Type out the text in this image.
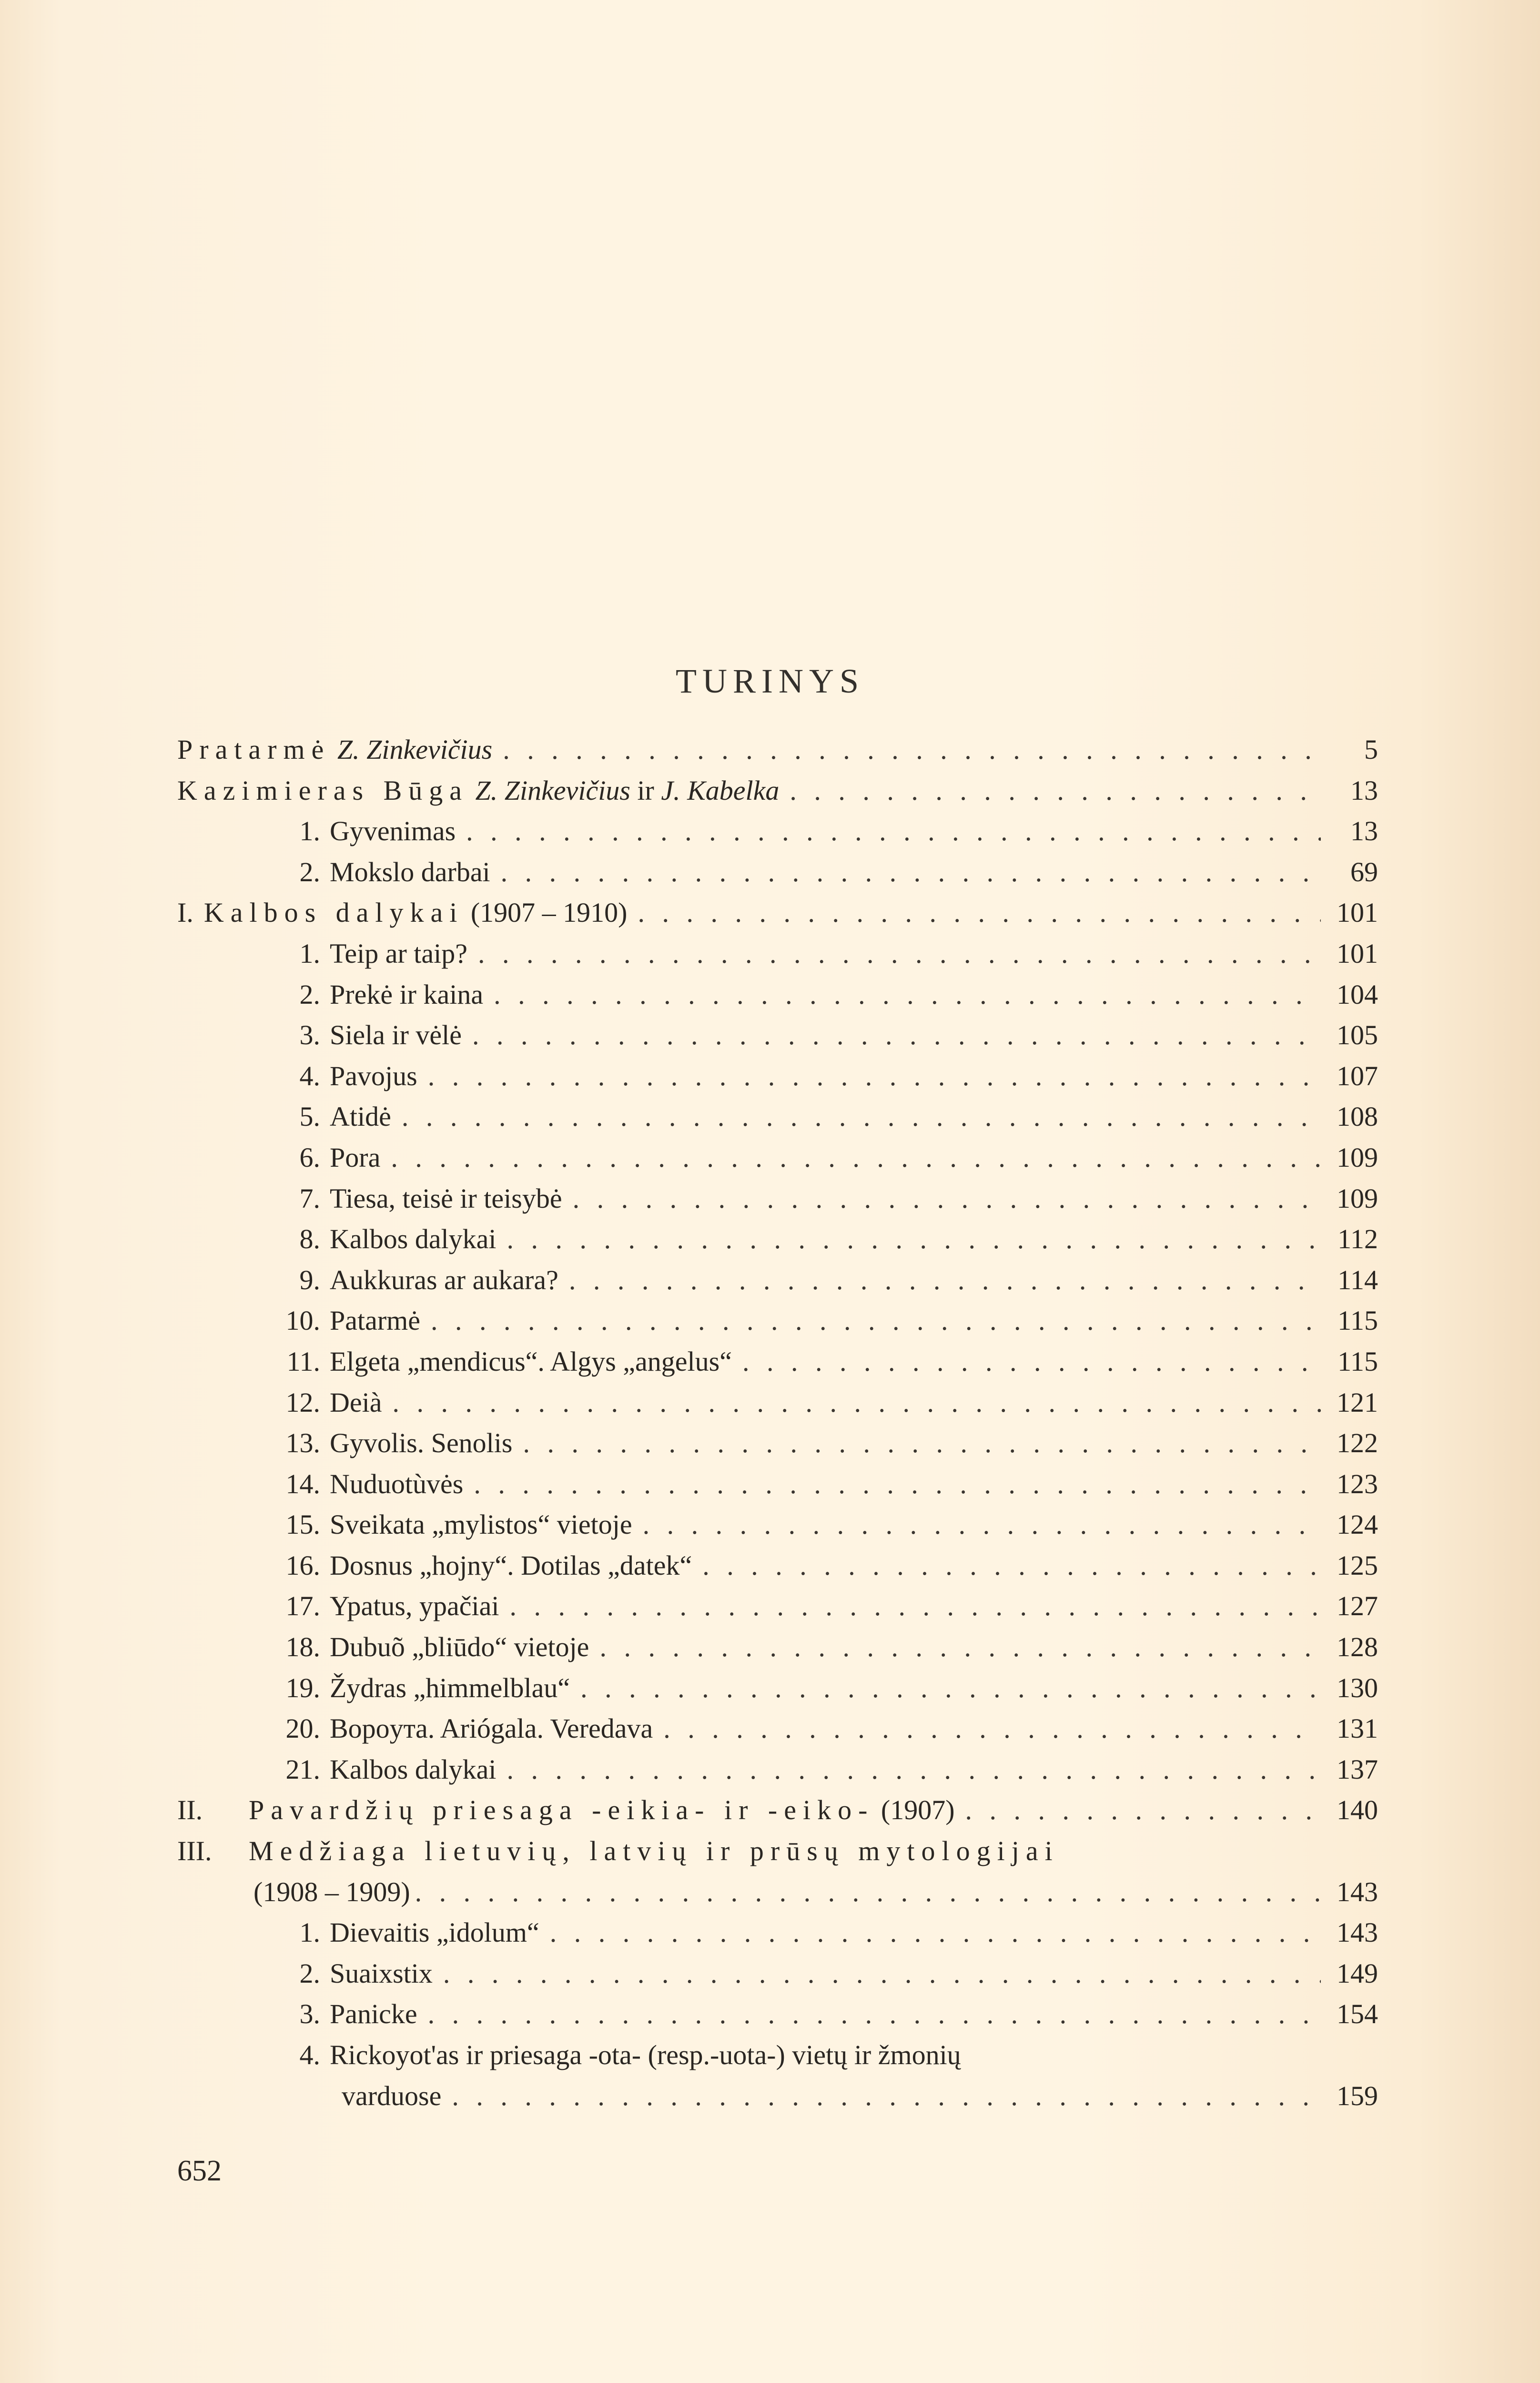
TURINYS
Pratarmė Z. Zinkevičius . . .	5
Kazimieras Būga Z. Zinkevičius ir J. Kabelka . . .	13
1. Gyvenimas . . .	13
2. Mokslo darbai . . .	69
I. Kalbos dalykai (1907 – 1910) . . .	101
1. Teip ar taip? . . .	101
2. Prekė ir kaina . . .	104
3. Siela ir vėlė . . .	105
4. Pavojus . . .	107
5. Atidė . . .	108
6. Pora . . .	109
7. Tiesa, teisė ir teisybė . . .	109
8. Kalbos dalykai . . .	112
9. Aukkuras ar aukara? . . .	114
10. Patarmė . . .	115
11. Elgeta „mendicus“. Algys „angelus“ . . .	115
12. Deià . . .	121
13. Gyvolis. Senolis . . .	122
14. Nuduotùvės . . .	123
15. Sveikata „mylistos“ vietoje . . .	124
16. Dosnus „hojny“. Dotilas „datek“ . . .	125
17. Ypatus, ypačiai . . .	127
18. Dubuõ „bliūdo“ vietoje . . .	128
19. Žydras „himmelblau“ . . .	130
20. Bopoyтa. Ariógala. Veredava . . .	131
21. Kalbos dalykai . . .	137
II.	Pavardžių priesaga -eikia- ir -eiko- (1907) . . .	140
III.	Medžiaga lietuvių, latvių ir prūsų mytologijai
(1908 – 1909) . . .	143
1. Dievaitis „idolum“ . . .	143
2. Suaixstix . . .	149
3. Panicke . . .	154
4. Rickoyot'as ir priesaga -ota- (resp.-uota-) vietų ir žmonių
varduose . . .	159
652
